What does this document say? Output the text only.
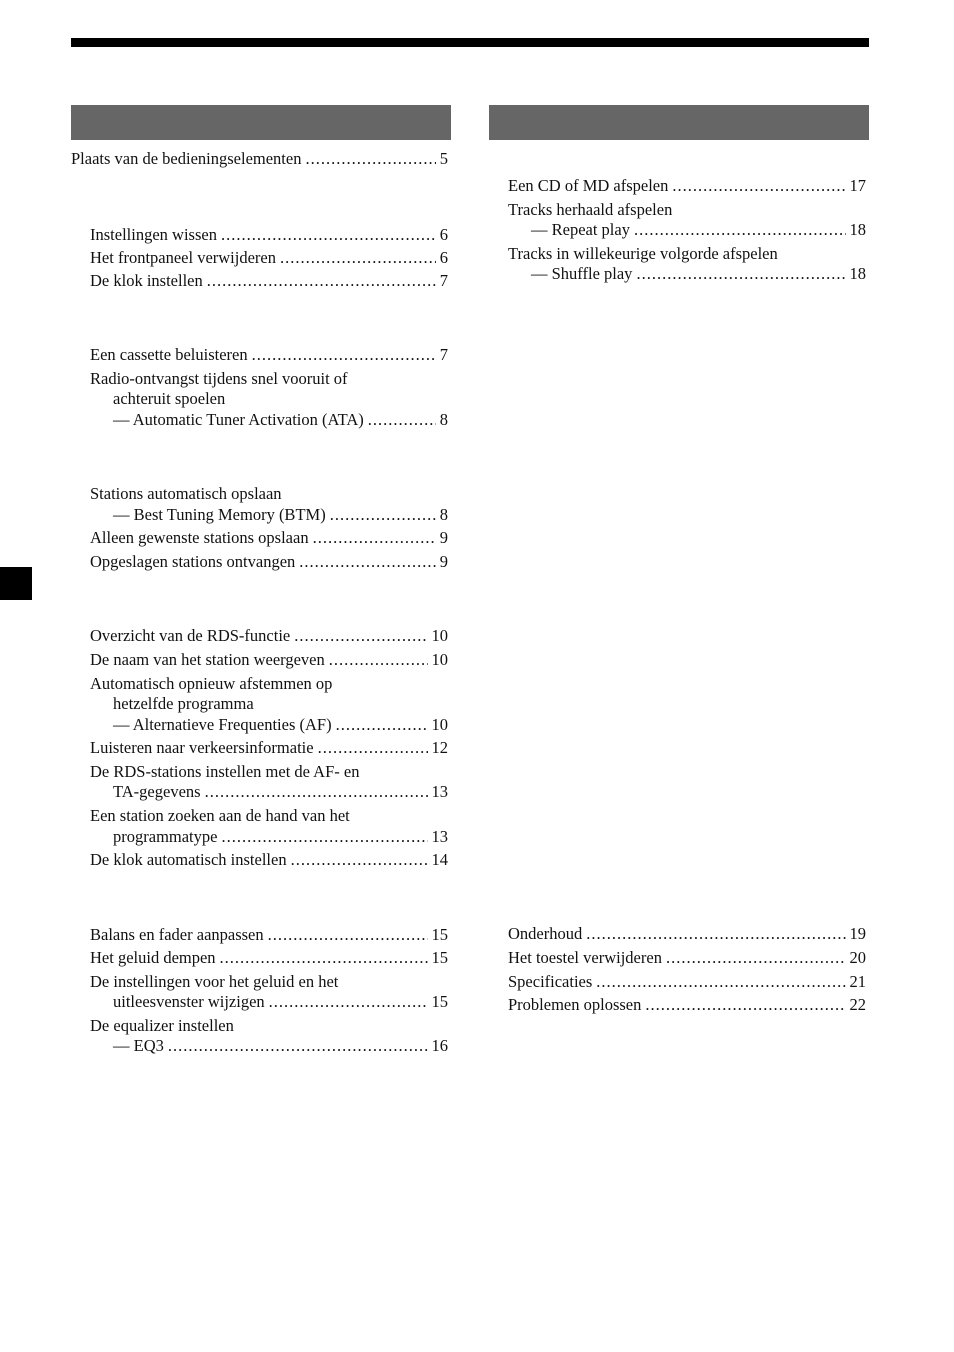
Plaats van de bedieningselementen .....	5
Instellingen wissen .....	6
Het frontpaneel verwijderen .....	6
De klok instellen .....	7
Een cassette beluisteren .....	7
Radio-ontvangst tijdens snel vooruit of
achteruit spoelen
— Automatic Tuner Activation (ATA) .....	8
Stations automatisch opslaan
— Best Tuning Memory (BTM) .....	8
Alleen gewenste stations opslaan .....	9
Opgeslagen stations ontvangen .....	9
Overzicht van de RDS-functie .....	10
De naam van het station weergeven .....	10
Automatisch opnieuw afstemmen op
hetzelfde programma
— Alternatieve Frequenties (AF) .....	10
Luisteren naar verkeersinformatie .....	12
De RDS-stations instellen met de AF- en
TA-gegevens .....	13
Een station zoeken aan de hand van het
programmatype .....	13
De klok automatisch instellen .....	14
Balans en fader aanpassen .....	15
Het geluid dempen .....	15
De instellingen voor het geluid en het
uitleesvenster wijzigen .....	15
De equalizer instellen
— EQ3 .....	16
Een CD of MD afspelen .....	17
Tracks herhaald afspelen
— Repeat play .....	18
Tracks in willekeurige volgorde afspelen
— Shuffle play .....	18
Onderhoud .....	19
Het toestel verwijderen .....	20
Specificaties .....	21
Problemen oplossen .....	22
